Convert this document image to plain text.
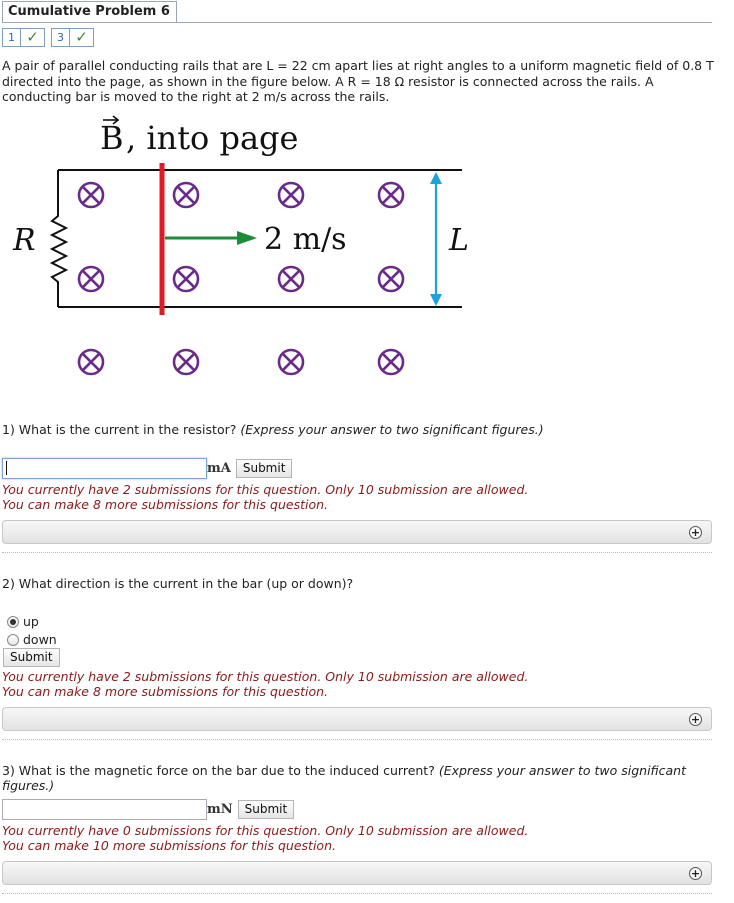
Cumulative Problem 6
1 ✓ 3 ✓
A pair of parallel conducting rails that are L = 22 cm apart lies at right angles to a uniform magnetic field of 0.8 T directed into the page, as shown in the figure below. A R = 18 Ω resistor is connected across the rails. A conducting bar is moved to the right at 2 m/s across the rails.
B , into page
R	2 m/s	L
1) What is the current in the resistor? (Express your answer to two significant figures.)
mA	Submit
You currently have 2 submissions for this question. Only 10 submission are allowed.
You can make 8 more submissions for this question.
+
2) What direction is the current in the bar (up or down)?
up
down
Submit
You currently have 2 submissions for this question. Only 10 submission are allowed.
You can make 8 more submissions for this question.
+
3) What is the magnetic force on the bar due to the induced current? (Express your answer to two significant figures.)
mN	Submit
You currently have 0 submissions for this question. Only 10 submission are allowed.
You can make 10 more submissions for this question.
+
